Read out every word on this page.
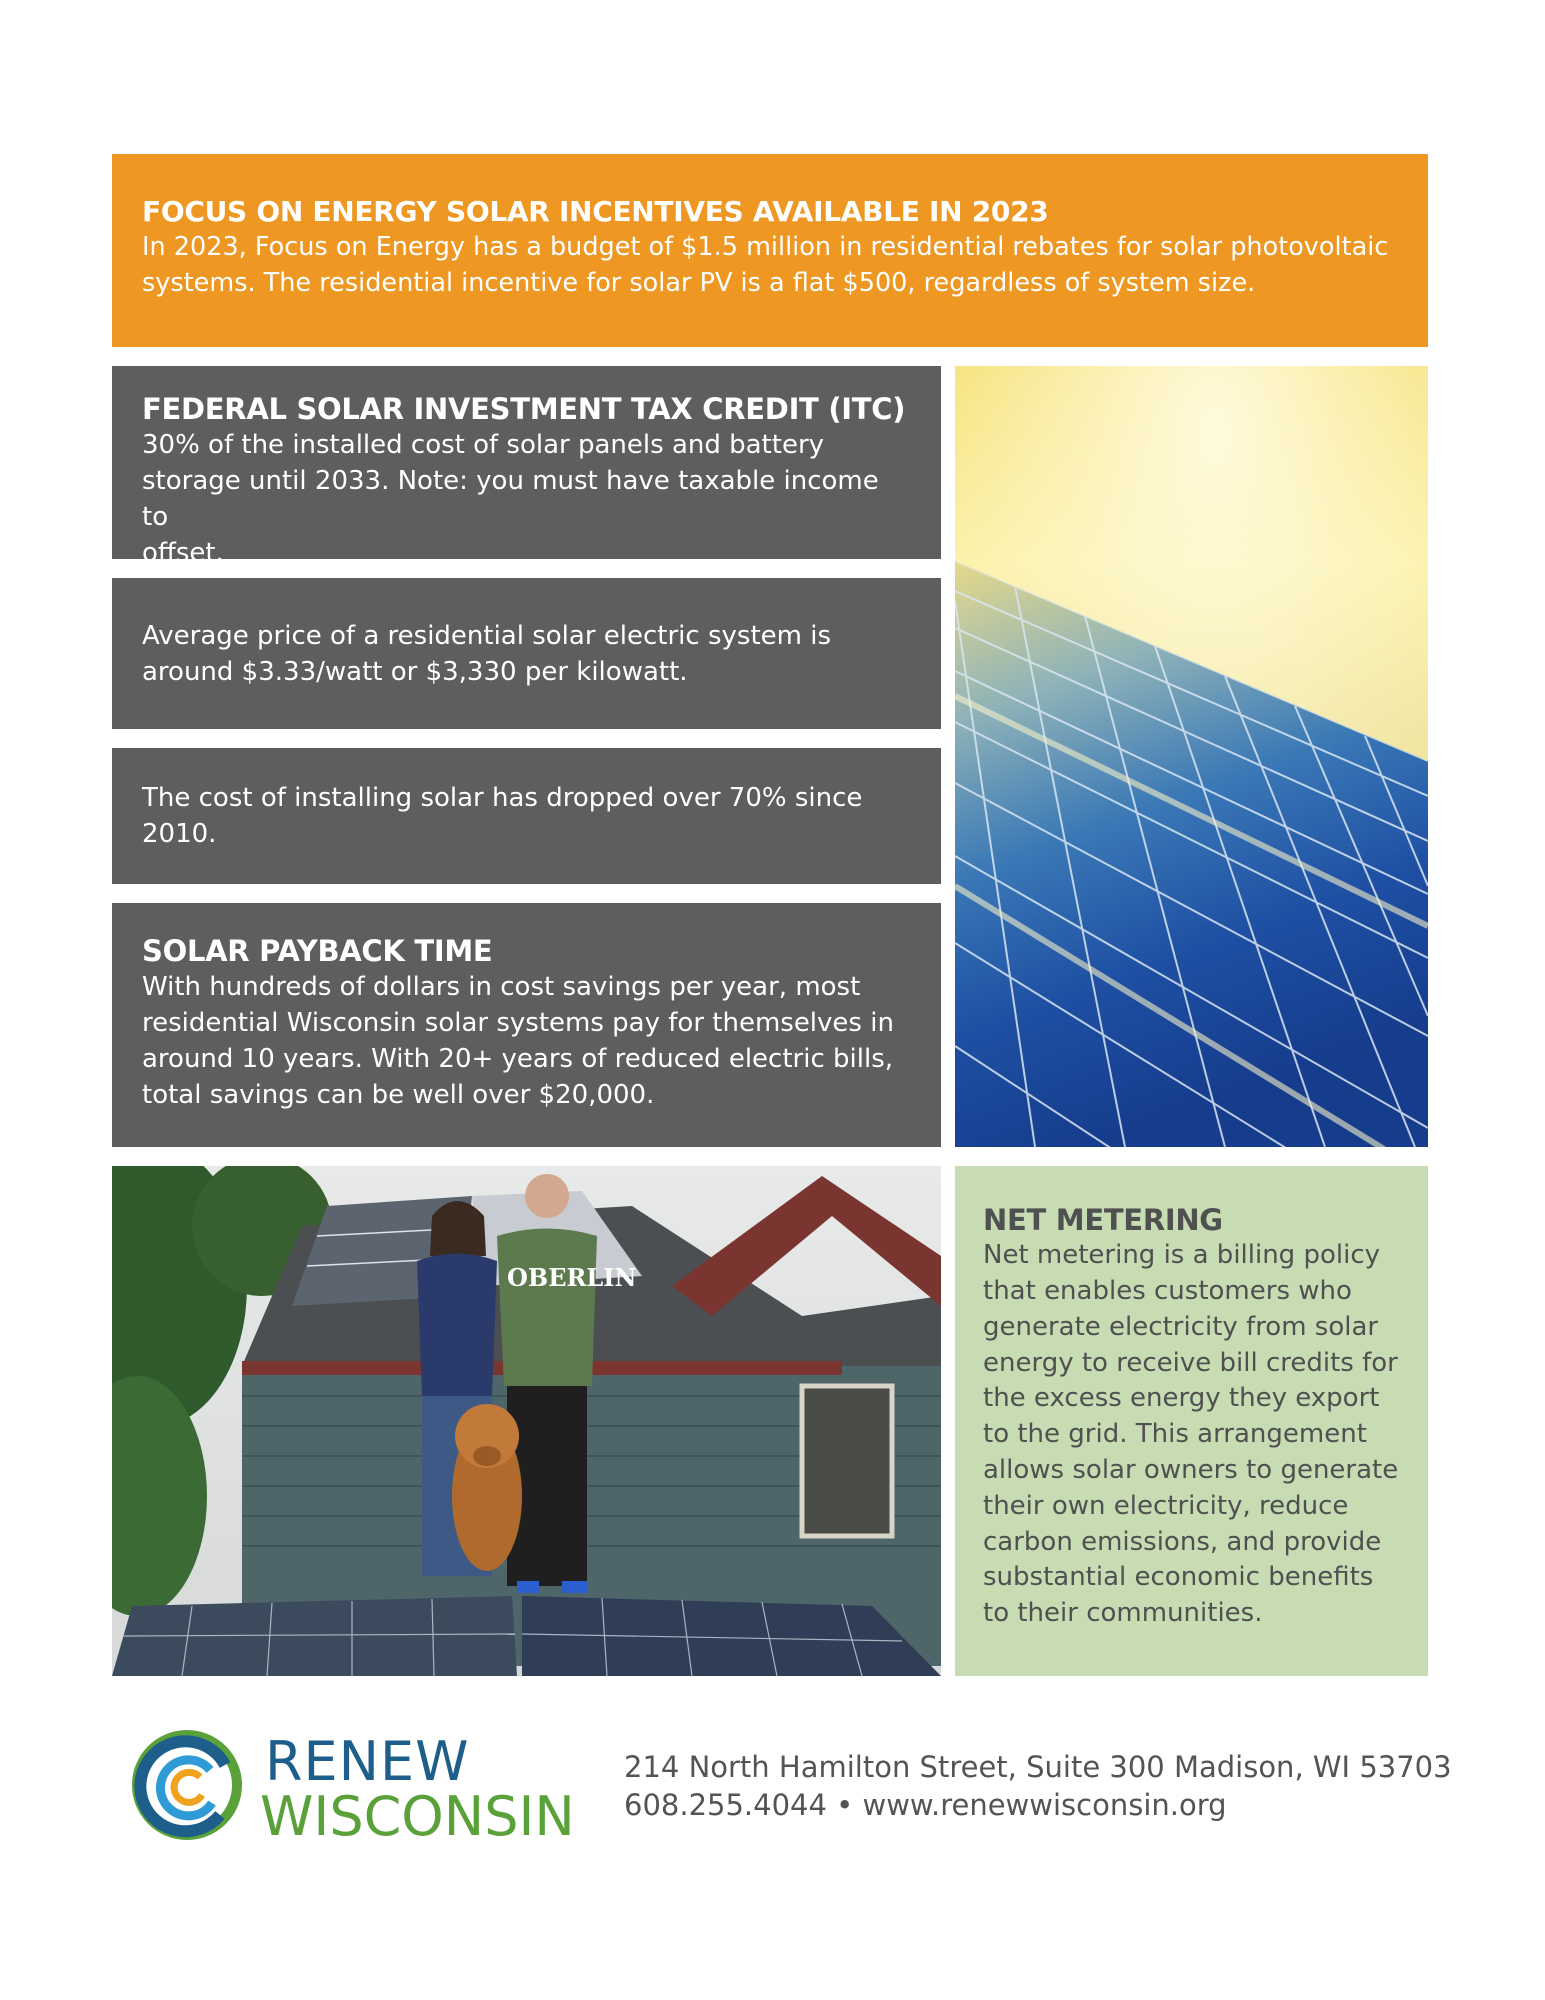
FOCUS ON ENERGY SOLAR INCENTIVES AVAILABLE IN 2023

In 2023, Focus on Energy has a budget of $1.5 million in residential rebates for solar photovoltaic

systems. The residential incentive for solar PV is a flat $500, regardless of system size.

FEDERAL SOLAR INVESTMENT TAX CREDIT (ITC)

30% of the installed cost of solar panels and battery

storage until 2033. Note: you must have taxable income to

offset.

Average price of a residential solar electric system is

around $3.33/watt or $3,330 per kilowatt.

The cost of installing solar has dropped over 70% since

2010.

SOLAR PAYBACK TIME

With hundreds of dollars in cost savings per year, most

residential Wisconsin solar systems pay for themselves in

around 10 years. With 20+ years of reduced electric bills,

total savings can be well over $20,000.

OBERLIN

NET METERING

Net metering is a billing policy

that enables customers who

generate electricity from solar

energy to receive bill credits for

the excess energy they export

to the grid. This arrangement

allows solar owners to generate

their own electricity, reduce

carbon emissions, and provide

substantial economic benefits

to their communities.

RENEW
WISCONSIN
214 North Hamilton Street, Suite 300 Madison, WI 53703
608.255.4044 • www.renewwisconsin.org
